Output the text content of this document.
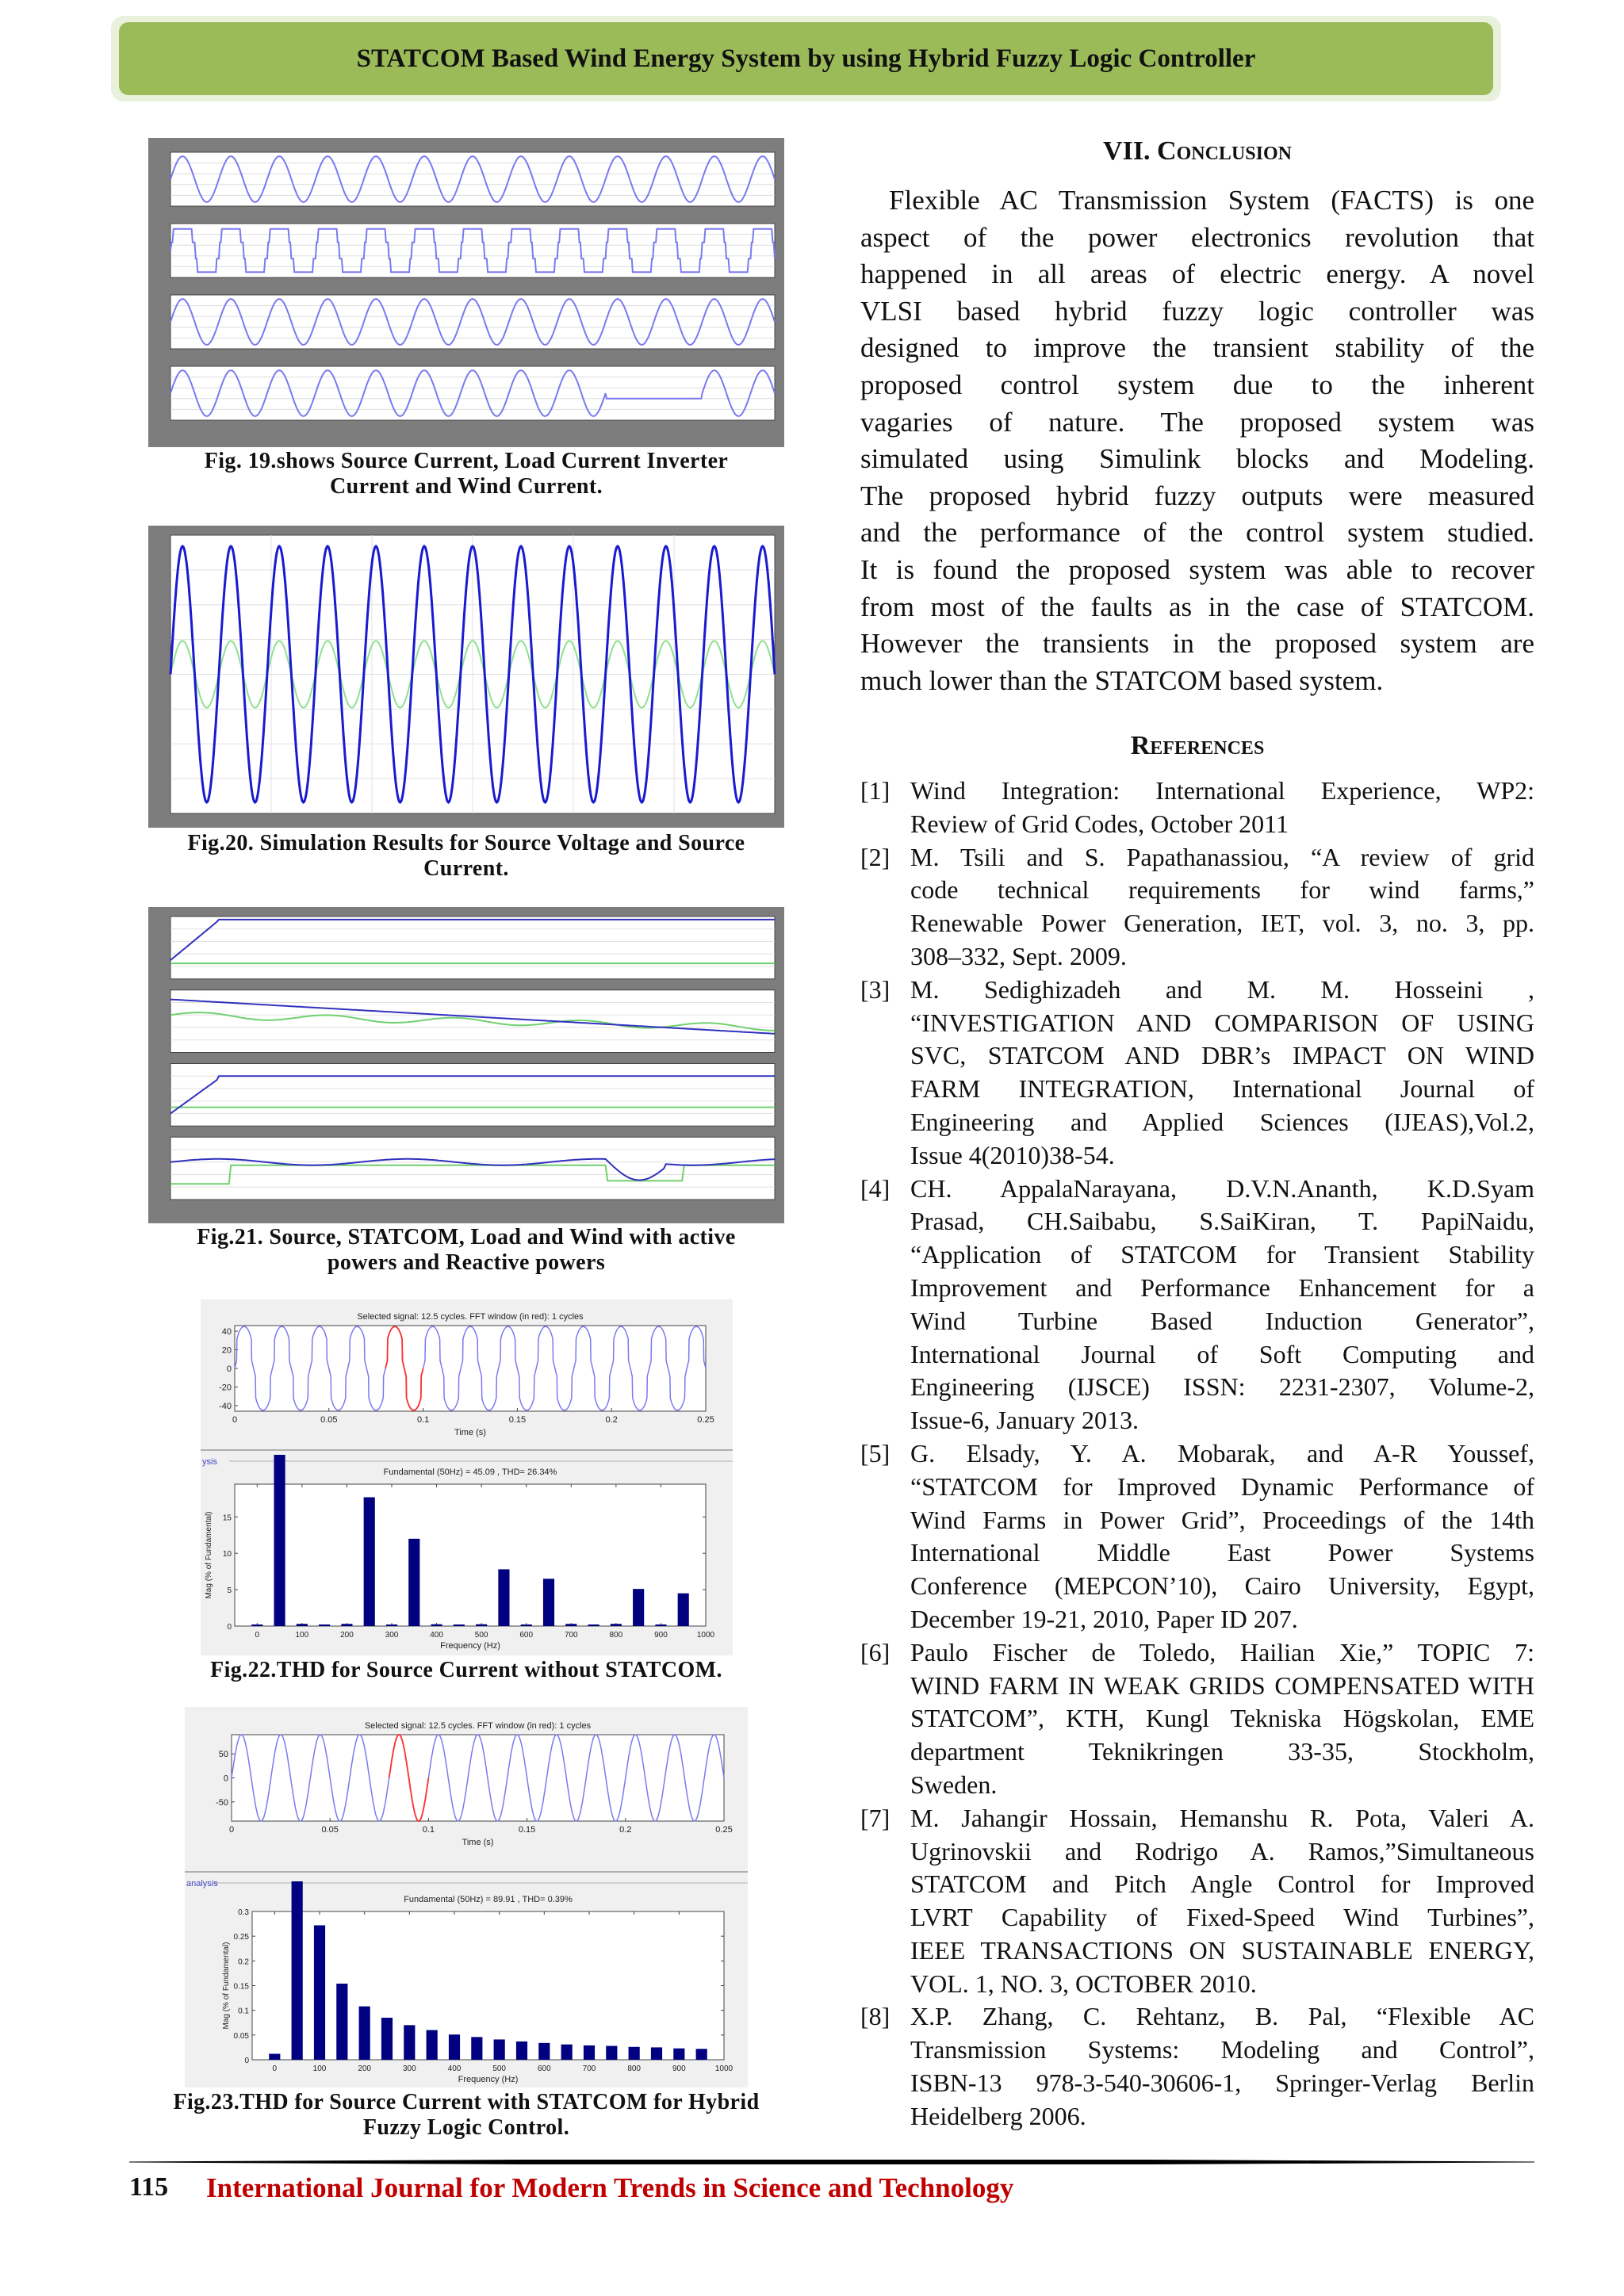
STATCOM Based Wind Energy System by using Hybrid Fuzzy Logic Controller
Fig. 19.shows Source Current, Load Current Inverter
Current and Wind Current.
Fig.20. Simulation Results for Source Voltage and Source
Current.
Fig.21. Source, STATCOM, Load and Wind with active
powers and Reactive powers
Selected signal: 12.5 cycles. FFT window (in red): 1 cycles
0	0.05	0.1	0.15	0.2	0.25
-40
-20
0
20
40
Time (s)
ysis
Fundamental (50Hz) = 45.09 , THD= 26.34%
0	100	200	300	400	500	600	700	800	900	1000
0
5
10
15
Frequency (Hz)
Mag (% of Fundamental)
Fig.22.THD for Source Current without STATCOM.
Selected signal: 12.5 cycles. FFT window (in red): 1 cycles
0	0.05	0.1	0.15	0.2	0.25
-50
0
50
Time (s)
analysis
Fundamental (50Hz) = 89.91 , THD= 0.39%
0	100	200	300	400	500	600	700	800	900	1000
0
0.05
0.1
0.15
0.2
0.25
0.3
Frequency (Hz)
Mag (% of Fundamental)
Fig.23.THD for Source Current with STATCOM for Hybrid
Fuzzy Logic Control.
VII. Conclusion
Flexible AC Transmission System (FACTS) is one
aspect of the power electronics revolution that
happened in all areas of electric energy. A novel
VLSI based hybrid fuzzy logic controller was
designed to improve the transient stability of the
proposed control system due to the inherent
vagaries of nature. The proposed system was
simulated using Simulink blocks and Modeling.
The proposed hybrid fuzzy outputs were measured
and the performance of the control system studied.
It is found the proposed system was able to recover
from most of the faults as in the case of STATCOM.
However the transients in the proposed system are
much lower than the STATCOM based system.
References
[1] Wind Integration: International Experience, WP2:
Review of Grid Codes, October 2011
[2] M. Tsili and S. Papathanassiou, “A review of grid
code technical requirements for wind farms,”
Renewable Power Generation, IET, vol. 3, no. 3, pp.
308–332, Sept. 2009.
[3] M. Sedighizadeh and M. M. Hosseini ,
“INVESTIGATION AND COMPARISON OF USING
SVC, STATCOM AND DBR’s IMPACT ON WIND
FARM INTEGRATION, International Journal of
Engineering and Applied Sciences (IJEAS),Vol.2,
Issue 4(2010)38-54.
[4] CH. AppalaNarayana, D.V.N.Ananth, K.D.Syam
Prasad, CH.Saibabu, S.SaiKiran, T. PapiNaidu,
“Application of STATCOM for Transient Stability
Improvement and Performance Enhancement for a
Wind Turbine Based Induction Generator”,
International Journal of Soft Computing and
Engineering (IJSCE) ISSN: 2231-2307, Volume-2,
Issue-6, January 2013.
[5] G. Elsady, Y. A. Mobarak, and A-R Youssef,
“STATCOM for Improved Dynamic Performance of
Wind Farms in Power Grid”, Proceedings of the 14th
International Middle East Power Systems
Conference (MEPCON’10), Cairo University, Egypt,
December 19-21, 2010, Paper ID 207.
[6] Paulo Fischer de Toledo, Hailian Xie,” TOPIC 7:
WIND FARM IN WEAK GRIDS COMPENSATED WITH
STATCOM”, KTH, Kungl Tekniska Högskolan, EME
department Teknikringen 33-35, Stockholm,
Sweden.
[7] M. Jahangir Hossain, Hemanshu R. Pota, Valeri A.
Ugrinovskii and Rodrigo A. Ramos,”Simultaneous
STATCOM and Pitch Angle Control for Improved
LVRT Capability of Fixed-Speed Wind Turbines”,
IEEE TRANSACTIONS ON SUSTAINABLE ENERGY,
VOL. 1, NO. 3, OCTOBER 2010.
[8] X.P. Zhang, C. Rehtanz, B. Pal, “Flexible AC
Transmission Systems: Modeling and Control”,
ISBN-13 978-3-540-30606-1, Springer-Verlag Berlin
Heidelberg 2006.
115 International Journal for Modern Trends in Science and Technology
